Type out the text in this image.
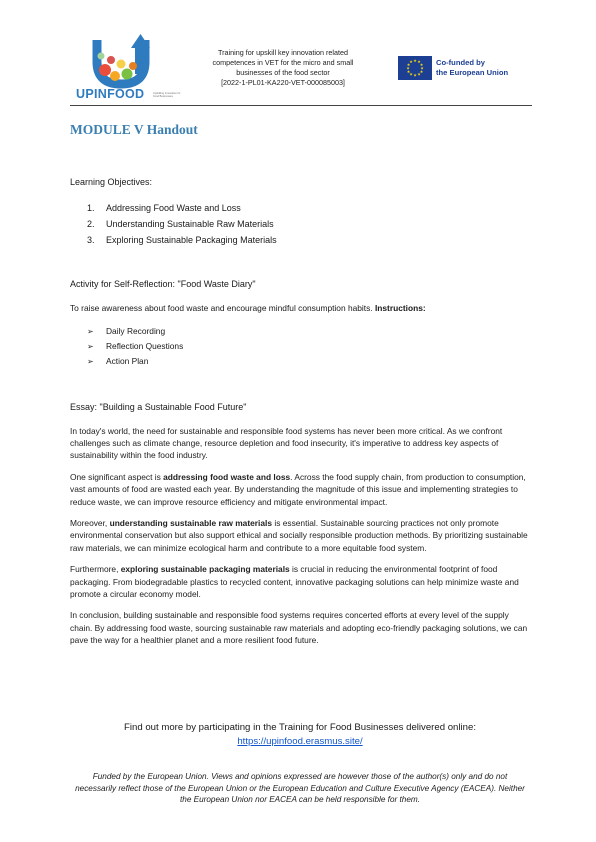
UPINFOOD	Upskilling Innovation for Food Businesses
Training for upskill key innovation related
competences in VET for the micro and small
businesses of the food sector
[2022-1-PL01-KA220-VET-000085003]
★ ★
★
★
★
★
★
★
★
★
★
★	Co-funded by
the European Union
MODULE V Handout
Learning Objectives:
1. Addressing Food Waste and Loss
2. Understanding Sustainable Raw Materials
3. Exploring Sustainable Packaging Materials
Activity for Self-Reflection: "Food Waste Diary"
To raise awareness about food waste and encourage mindful consumption habits. Instructions:
➢ Daily Recording
➢ Reflection Questions
➢ Action Plan
Essay: "Building a Sustainable Food Future"

In today's world, the need for sustainable and responsible food systems has never been more critical. As we confront challenges such as climate change, resource depletion and food insecurity, it's imperative to address key aspects of sustainability within the food industry.

One significant aspect is addressing food waste and loss. Across the food supply chain, from production to consumption, vast amounts of food are wasted each year. By understanding the magnitude of this issue and implementing strategies to reduce waste, we can improve resource efficiency and mitigate environmental impact.

Moreover, understanding sustainable raw materials is essential. Sustainable sourcing practices not only promote environmental conservation but also support ethical and socially responsible production methods. By prioritizing sustainable raw materials, we can minimize ecological harm and contribute to a more equitable food system.

Furthermore, exploring sustainable packaging materials is crucial in reducing the environmental footprint of food packaging. From biodegradable plastics to recycled content, innovative packaging solutions can help minimize waste and promote a circular economy model.

In conclusion, building sustainable and responsible food systems requires concerted efforts at every level of the supply chain. By addressing food waste, sourcing sustainable raw materials and adopting eco-friendly packaging solutions, we can pave the way for a healthier planet and a more resilient food future.

Find out more by participating in the Training for Food Businesses delivered online:
https://upinfood.erasmus.site/
Funded by the European Union. Views and opinions expressed are however those of the author(s) only and do not necessarily reflect those of the European Union or the European Education and Culture Executive Agency (EACEA). Neither the European Union nor EACEA can be held responsible for them.
